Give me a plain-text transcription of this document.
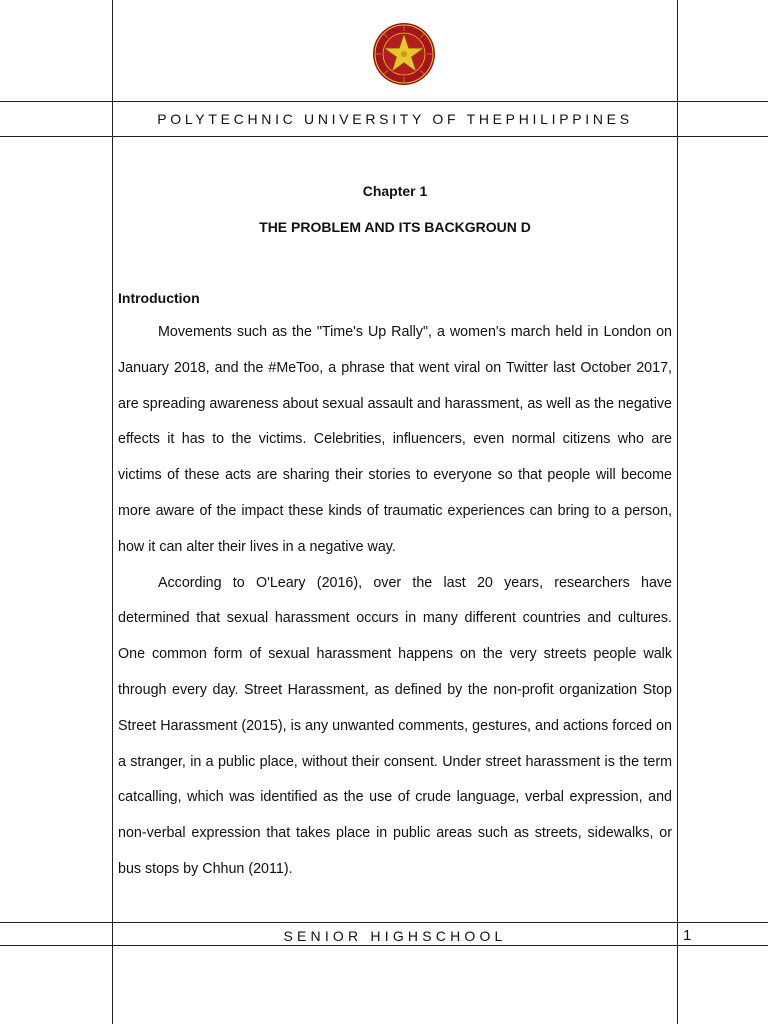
POLYTECHNIC UNIVERSITY OF THEPHILIPPINES
Chapter 1
THE PROBLEM AND ITS BACKGROUN D
Introduction

Movements such as the "Time's Up Rally", a women's march held in London on January 2018, and the #MeToo, a phrase that went viral on Twitter last October 2017, are spreading awareness about sexual assault and harassment, as well as the negative effects it has to the victims. Celebrities, influencers, even normal citizens who are victims of these acts are sharing their stories to everyone so that people will become more aware of the impact these kinds of traumatic experiences can bring to a person, how it can alter their lives in a negative way.

According to O'Leary (2016), over the last 20 years, researchers have determined that sexual harassment occurs in many different countries and cultures. One common form of sexual harassment happens on the very streets people walk through every day. Street Harassment, as defined by the non-profit organization Stop Street Harassment (2015), is any unwanted comments, gestures, and actions forced on a stranger, in a public place, without their consent. Under street harassment is the term catcalling, which was identified as the use of crude language, verbal expression, and non-verbal expression that takes place in public areas such as streets, sidewalks, or bus stops by Chhun (2011).

SENIOR HIGHSCHOOL	1
